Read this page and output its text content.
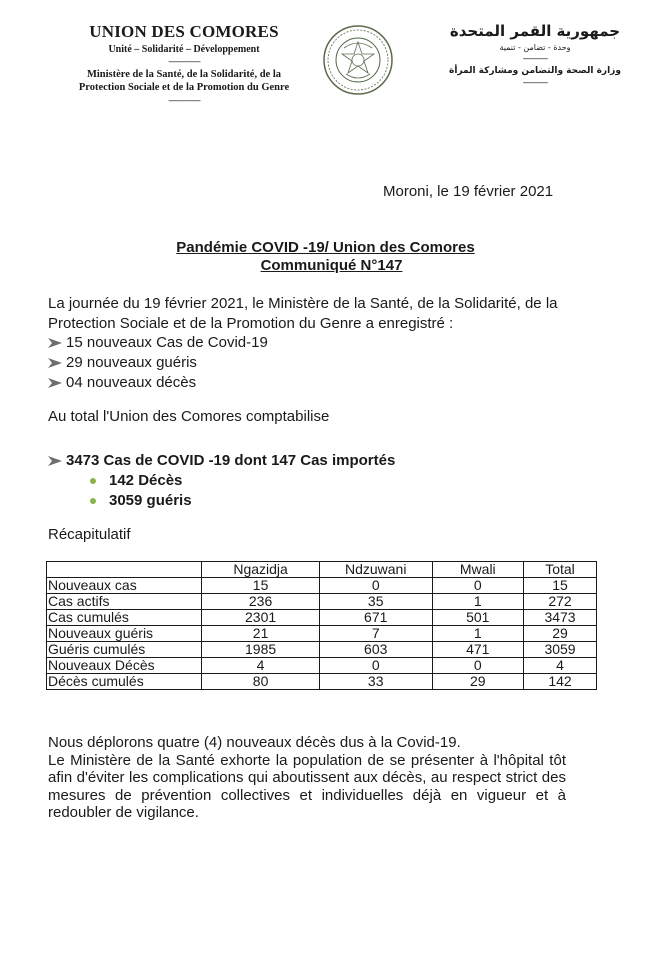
UNION DES COMORES
Unité – Solidarité – Développement
-------------------
Ministère de la Santé, de la Solidarité, de la
Protection Sociale et de la Promotion du Genre
-------------------
جمهورية القمر المتحدة
وحدة - تضامن - تنمية
-------------
وزارة الصحة والتضامن ومشاركة المرأة
-------------
Moroni, le 19 février 2021
Pandémie COVID -19/ Union des Comores
Communiqué N°147
La journée du 19 février 2021, le Ministère de la Santé, de la Solidarité, de la Protection Sociale et de la Promotion du Genre a enregistré :
15 nouveaux Cas de Covid-19
29 nouveaux guéris
04 nouveaux décès
Au total l'Union des Comores comptabilise
3473 Cas de COVID -19 dont 147 Cas importés
142 Décès
3059 guéris
Récapitulatif
	Ngazidja	Ndzuwani	Mwali	Total
Nouveaux cas	15	0	0	15
Cas actifs	236	35	1	272
Cas cumulés	2301	671	501	3473
Nouveaux guéris	21	7	1	29
Guéris cumulés	1985	603	471	3059
Nouveaux Décès	4	0	0	4
Décès cumulés	80	33	29	142

Nous déplorons quatre (4) nouveaux décès dus à la Covid-19.

Le Ministère de la Santé exhorte la population de se présenter à l'hôpital tôt afin d'éviter les complications qui aboutissent aux décès, au respect strict des mesures de prévention collectives et individuelles déjà en vigueur et à redoubler de vigilance.
